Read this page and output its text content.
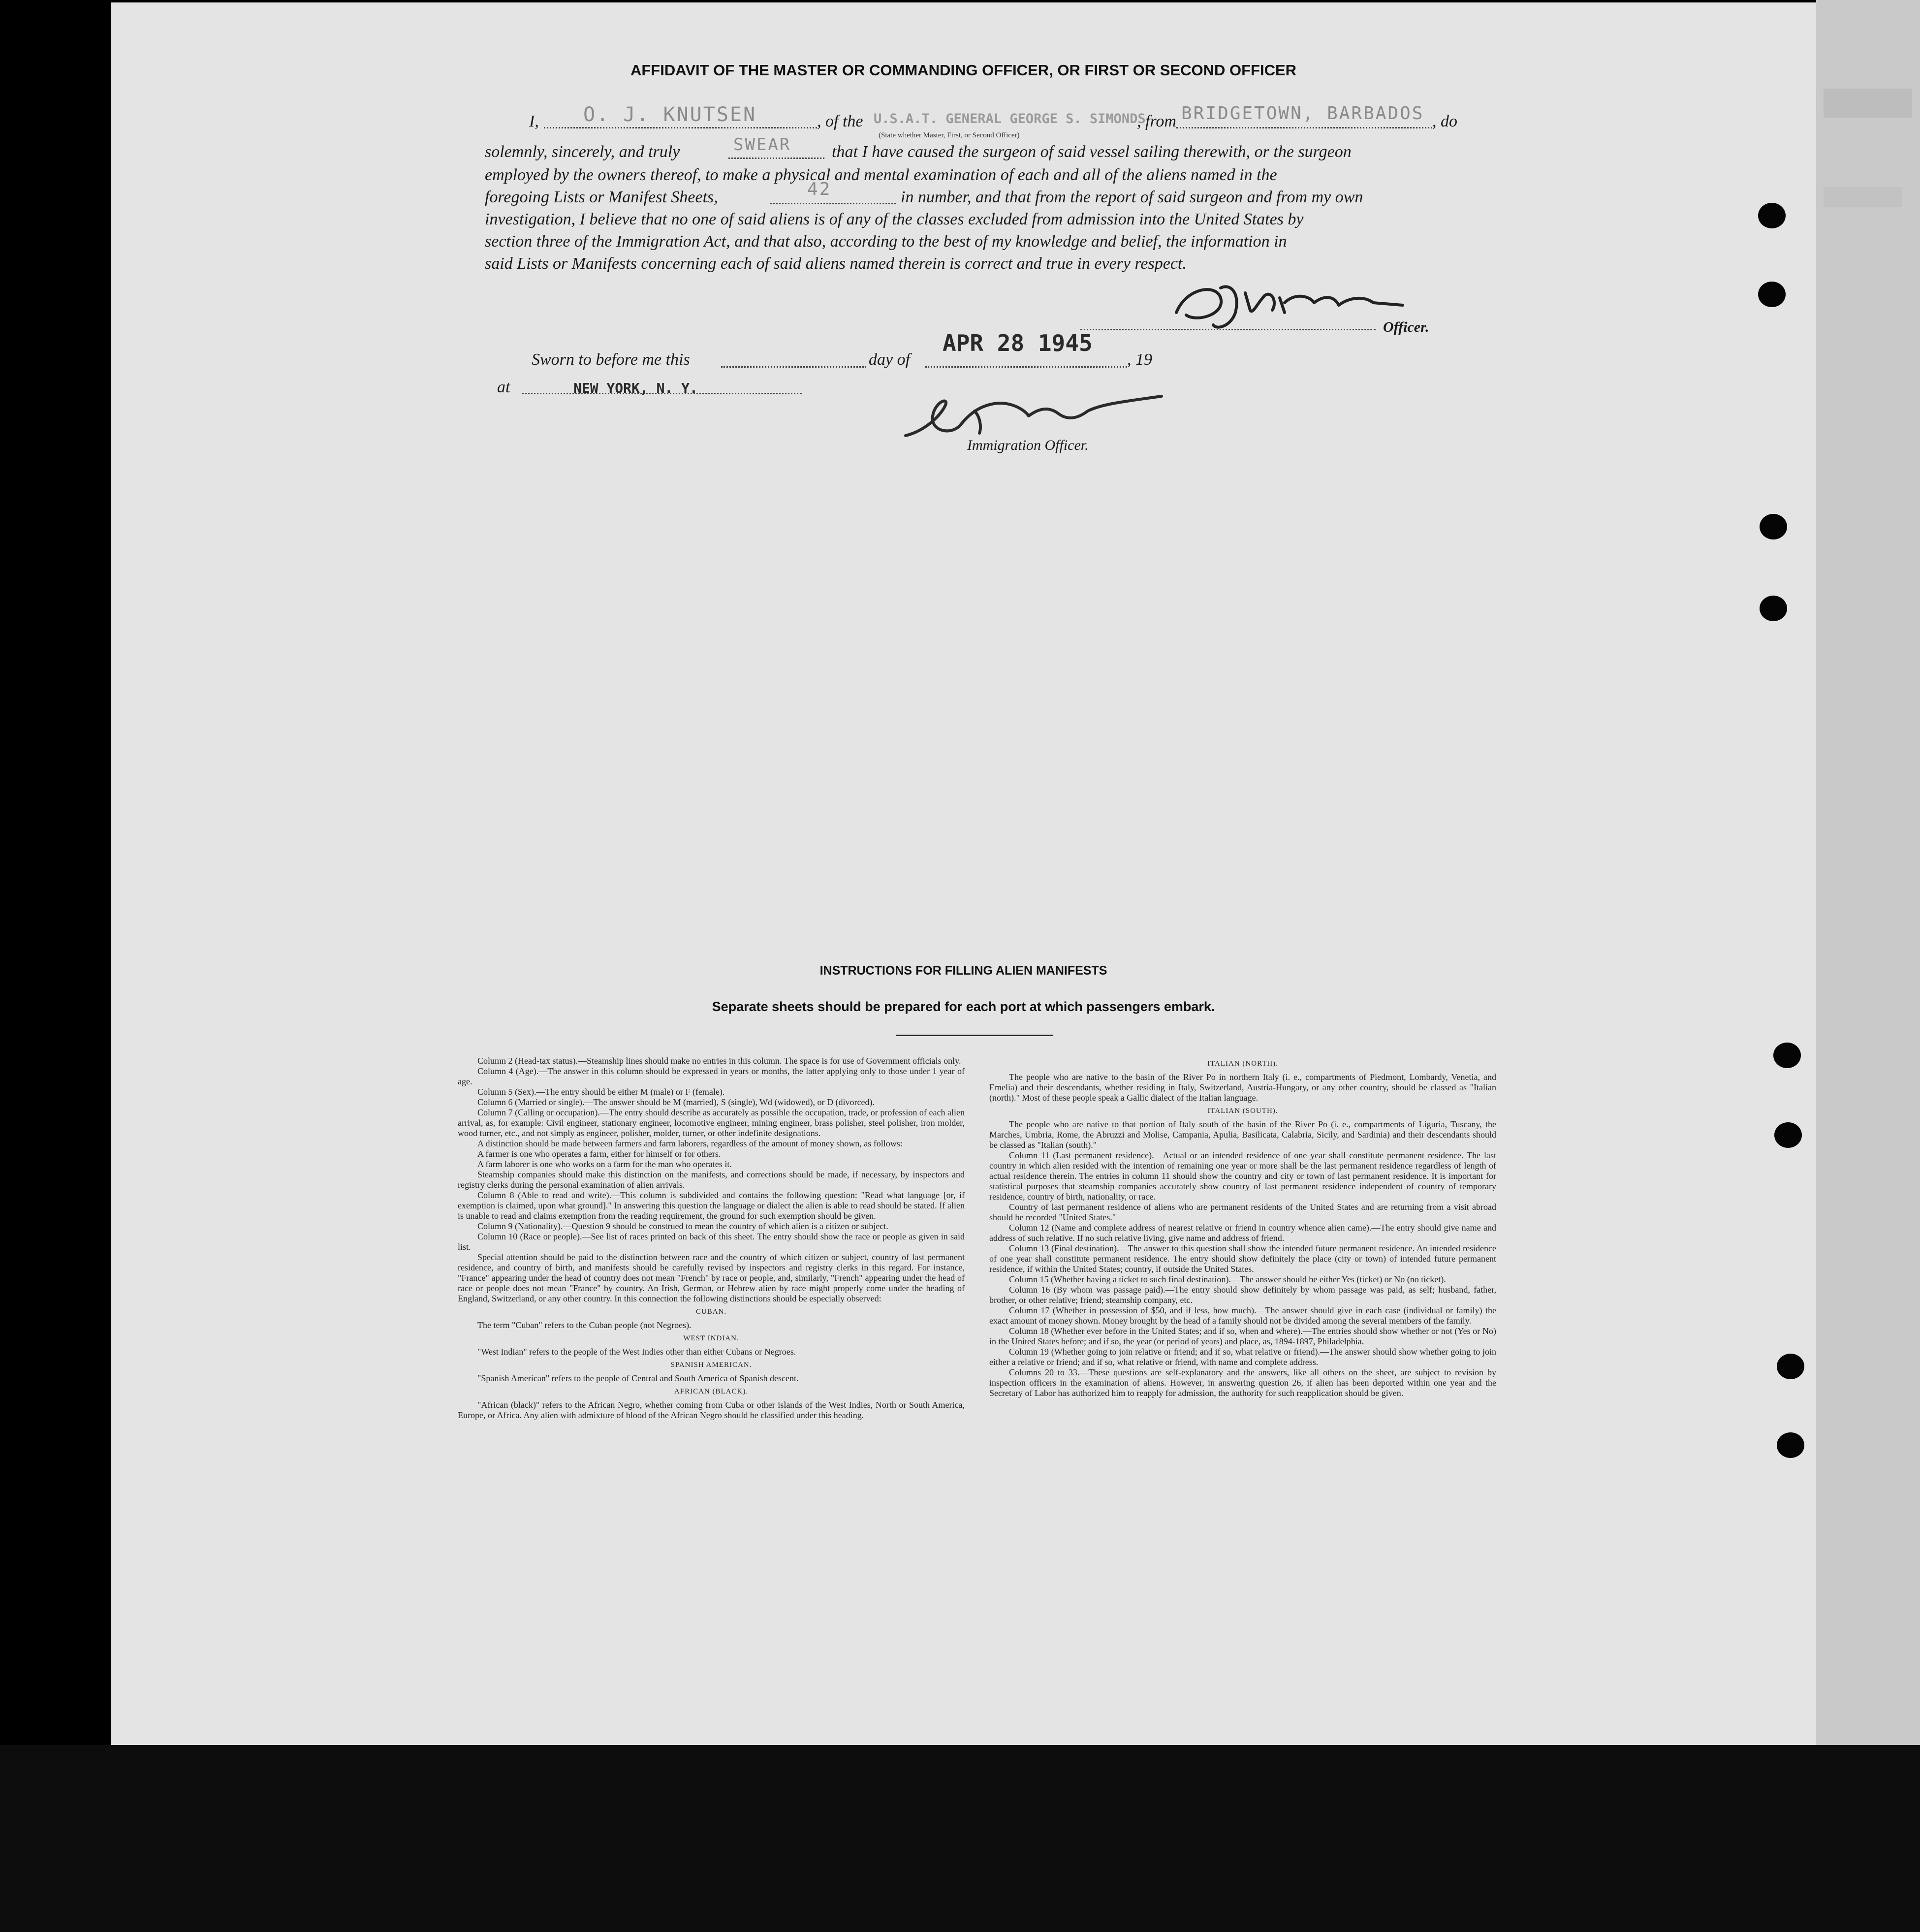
AFFIDAVIT OF THE MASTER OR COMMANDING OFFICER, OR FIRST OR SECOND OFFICER
I, O. J. KNUTSEN	, of the U.S.A.T. GENERAL GEORGE S. SIMONDS
, from BRIDGETOWN, BARBADOS , do
(State whether Master, First, or Second Officer)
solemnly, sincerely, and truly	SWEAR that I have caused the surgeon of said vessel sailing therewith, or the surgeon
employed by the owners thereof, to make a physical and mental examination of each and all of the aliens named in the
foregoing Lists or Manifest Sheets,	42	in number, and that from the report of said surgeon and from my own
investigation, I believe that no one of said aliens is of any of the classes excluded from admission into the United States by
section three of the Immigration Act, and that also, according to the best of my knowledge and belief, the information in
said Lists or Manifests concerning each of said aliens named therein is correct and true in every respect.
Officer.
Sworn to before me this	day of
APR 28 1945
, 19
at	NEW YORK, N. Y.
Immigration Officer.
INSTRUCTIONS FOR FILLING ALIEN MANIFESTS
Separate sheets should be prepared for each port at which passengers embark.

Column 2 (Head-tax status).—Steamship lines should make no entries in this column. The space is for use of Government officials only.

Column 4 (Age).—The answer in this column should be expressed in years or months, the latter applying only to those under 1 year of age.

Column 5 (Sex).—The entry should be either M (male) or F (female).

Column 6 (Married or single).—The answer should be M (married), S (single), Wd (widowed), or D (divorced).

Column 7 (Calling or occupation).—The entry should describe as accurately as possible the occupation, trade, or profession of each alien arrival, as, for example: Civil engineer, stationary engineer, locomotive engineer, mining engineer, brass polisher, steel polisher, iron molder, wood turner, etc., and not simply as engineer, polisher, molder, turner, or other indefinite designations.

A distinction should be made between farmers and farm laborers, regardless of the amount of money shown, as follows:

A farmer is one who operates a farm, either for himself or for others.

A farm laborer is one who works on a farm for the man who operates it.

Steamship companies should make this distinction on the manifests, and corrections should be made, if necessary, by inspectors and registry clerks during the personal examination of alien arrivals.

Column 8 (Able to read and write).—This column is subdivided and contains the following question: "Read what language [or, if exemption is claimed, upon what ground]." In answering this question the language or dialect the alien is able to read should be stated. If alien is unable to read and claims exemption from the reading requirement, the ground for such exemption should be given.

Column 9 (Nationality).—Question 9 should be construed to mean the country of which alien is a citizen or subject.

Column 10 (Race or people).—See list of races printed on back of this sheet. The entry should show the race or people as given in said list.

Special attention should be paid to the distinction between race and the country of which citizen or subject, country of last permanent residence, and country of birth, and manifests should be carefully revised by inspectors and registry clerks in this regard. For instance, "France" appearing under the head of country does not mean "French" by race or people, and, similarly, "French" appearing under the head of race or people does not mean "France" by country. An Irish, German, or Hebrew alien by race might properly come under the heading of England, Switzerland, or any other country. In this connection the following distinctions should be especially observed:

CUBAN.

The term "Cuban" refers to the Cuban people (not Negroes).

WEST INDIAN.

"West Indian" refers to the people of the West Indies other than either Cubans or Negroes.

SPANISH AMERICAN.

"Spanish American" refers to the people of Central and South America of Spanish descent.

AFRICAN (BLACK).

"African (black)" refers to the African Negro, whether coming from Cuba or other islands of the West Indies, North or South America, Europe, or Africa. Any alien with admixture of blood of the African Negro should be classified under this heading.

ITALIAN (NORTH).

The people who are native to the basin of the River Po in northern Italy (i. e., compartments of Piedmont, Lombardy, Venetia, and Emelia) and their descendants, whether residing in Italy, Switzerland, Austria-Hungary, or any other country, should be classed as "Italian (north)." Most of these people speak a Gallic dialect of the Italian language.

ITALIAN (SOUTH).

The people who are native to that portion of Italy south of the basin of the River Po (i. e., compartments of Liguria, Tuscany, the Marches, Umbria, Rome, the Abruzzi and Molise, Campania, Apulia, Basilicata, Calabria, Sicily, and Sardinia) and their descendants should be classed as "Italian (south)."

Column 11 (Last permanent residence).—Actual or an intended residence of one year shall constitute permanent residence. The last country in which alien resided with the intention of remaining one year or more shall be the last permanent residence regardless of length of actual residence therein. The entries in column 11 should show the country and city or town of last permanent residence. It is important for statistical purposes that steamship companies accurately show country of last permanent residence independent of country of temporary residence, country of birth, nationality, or race.

Country of last permanent residence of aliens who are permanent residents of the United States and are returning from a visit abroad should be recorded "United States."

Column 12 (Name and complete address of nearest relative or friend in country whence alien came).—The entry should give name and address of such relative. If no such relative living, give name and address of friend.

Column 13 (Final destination).—The answer to this question shall show the intended future permanent residence. An intended residence of one year shall constitute permanent residence. The entry should show definitely the place (city or town) of intended future permanent residence, if within the United States; country, if outside the United States.

Column 15 (Whether having a ticket to such final destination).—The answer should be either Yes (ticket) or No (no ticket).

Column 16 (By whom was passage paid).—The entry should show definitely by whom passage was paid, as self; husband, father, brother, or other relative; friend; steamship company, etc.

Column 17 (Whether in possession of $50, and if less, how much).—The answer should give in each case (individual or family) the exact amount of money shown. Money brought by the head of a family should not be divided among the several members of the family.

Column 18 (Whether ever before in the United States; and if so, when and where).—The entries should show whether or not (Yes or No) in the United States before; and if so, the year (or period of years) and place, as, 1894-1897, Philadelphia.

Column 19 (Whether going to join relative or friend; and if so, what relative or friend).—The answer should show whether going to join either a relative or friend; and if so, what relative or friend, with name and complete address.

Columns 20 to 33.—These questions are self-explanatory and the answers, like all others on the sheet, are subject to revision by inspection officers in the examination of aliens. However, in answering question 26, if alien has been deported within one year and the Secretary of Labor has authorized him to reapply for admission, the authority for such reapplication should be given.
